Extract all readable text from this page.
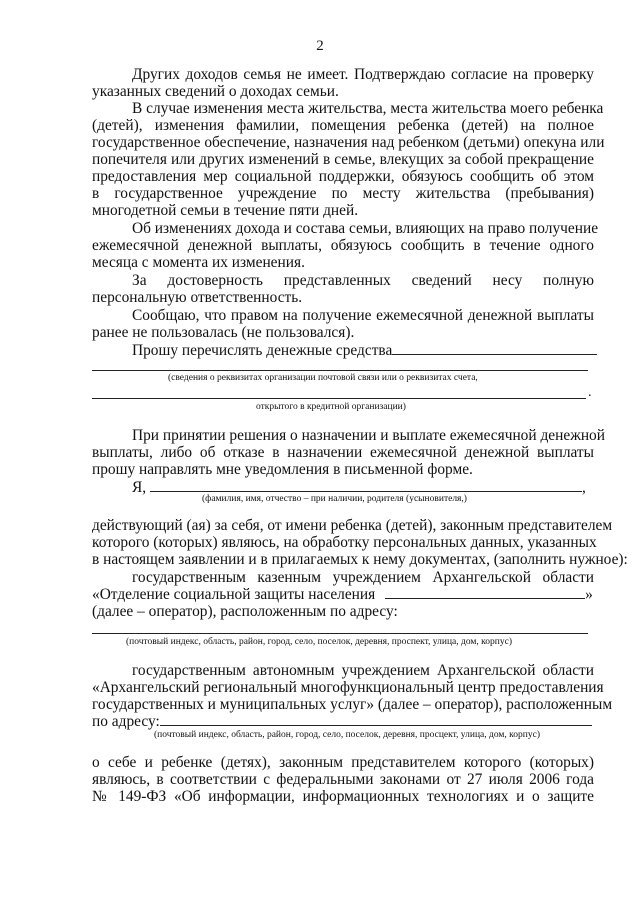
2
Других доходов семья не имеет. Подтверждаю согласие на проверку
указанных сведений о доходах семьи.
В случае изменения места жительства, места жительства моего ребенка
(детей), изменения фамилии, помещения ребенка (детей) на полное
государственное обеспечение, назначения над ребенком (детьми) опекуна или
попечителя или других изменений в семье, влекущих за собой прекращение
предоставления мер социальной поддержки, обязуюсь сообщить об этом
в государственное учреждение по месту жительства (пребывания)
многодетной семьи в течение пяти дней.
Об изменениях дохода и состава семьи, влияющих на право получение
ежемесячной денежной выплаты, обязуюсь сообщить в течение одного
месяца с момента их изменения.
За достоверность представленных сведений несу полную
персональную ответственность.
Сообщаю, что правом на получение ежемесячной денежной выплаты
ранее не пользовалась (не пользовался).
Прошу перечислять денежные средства
(сведения о реквизитах организации почтовой связи или о реквизитах счета,
.
открытого в кредитной организации)
При принятии решения о назначении и выплате ежемесячной денежной
выплаты, либо об отказе в назначении ежемесячной денежной выплаты
прошу направлять мне уведомления в письменной форме.
Я,	,
(фамилия, имя, отчество – при наличии, родителя (усыновителя,)
действующий (ая) за себя, от имени ребенка (детей), законным представителем
которого (которых) являюсь, на обработку персональных данных, указанных
в настоящем заявлении и в прилагаемых к нему документах, (заполнить нужное):
государственным казенным учреждением Архангельской области
«Отделение социальной защиты населения	»
(далее – оператор), расположенным по адресу:
(почтовый индекс, область, район, город, село, поселок, деревня, проспект, улица, дом, корпус)
государственным автономным учреждением Архангельской области
«Архангельский региональный многофункциональный центр предоставления
государственных и муниципальных услуг» (далее – оператор), расположенным
по адресу:
(почтовый индекс, область, район, город, село, поселок, деревня, просцект, улица, дом, корпус)
о себе и ребенке (детях), законным представителем которого (которых)
являюсь, в соответствии с федеральными законами от 27 июля 2006 года
№ 149-ФЗ «Об информации, информационных технологиях и о защите
